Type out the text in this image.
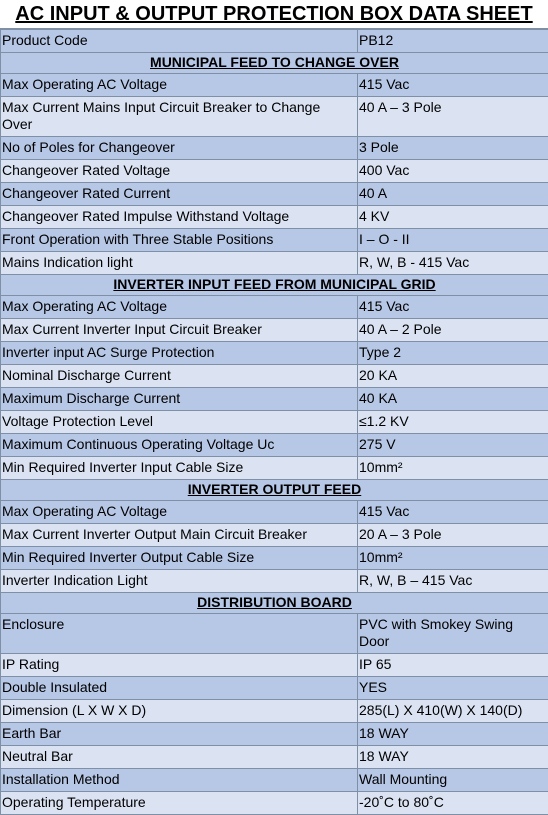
AC INPUT & OUTPUT PROTECTION BOX DATA SHEET
Product Code	PB12
MUNICIPAL FEED TO CHANGE OVER	
Max Operating AC Voltage	415 Vac
Max Current Mains Input Circuit Breaker to Change Over	40 A – 3 Pole
No of Poles for Changeover	3 Pole
Changeover Rated Voltage	400 Vac
Changeover Rated Current	40 A
Changeover Rated Impulse Withstand Voltage	4 KV
Front Operation with Three Stable Positions	I – O - II
Mains Indication light	R, W, B - 415 Vac
INVERTER INPUT FEED FROM MUNICIPAL GRID	
Max Operating AC Voltage	415 Vac
Max Current Inverter Input Circuit Breaker	40 A – 2 Pole
Inverter input AC Surge Protection	Type 2
Nominal Discharge Current	20 KA
Maximum Discharge Current	40 KA
Voltage Protection Level	≤1.2 KV
Maximum Continuous Operating Voltage Uc	275 V
Min Required Inverter Input Cable Size	10mm²
INVERTER OUTPUT FEED	
Max Operating AC Voltage	415 Vac
Max Current Inverter Output Main Circuit Breaker	20 A – 3 Pole
Min Required Inverter Output Cable Size	10mm²
Inverter Indication Light	R, W, B – 415 Vac
DISTRIBUTION BOARD	
Enclosure	PVC with Smokey Swing Door
IP Rating	IP 65
Double Insulated	YES
Dimension (L X W X D)	285(L) X 410(W) X 140(D)
Earth Bar	18 WAY
Neutral Bar	18 WAY
Installation Method	Wall Mounting
Operating Temperature	-20˚C to 80˚C
